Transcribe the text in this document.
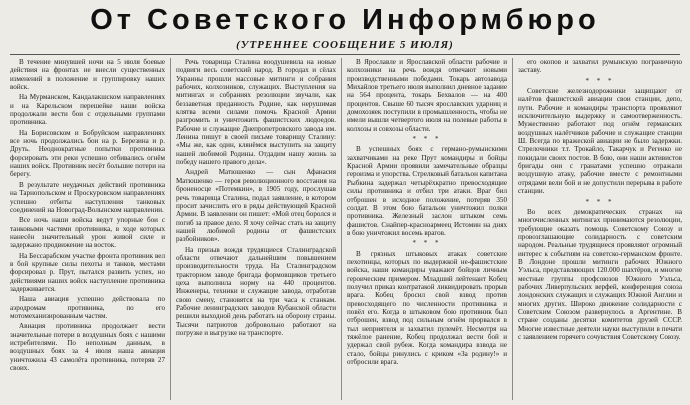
От Советского Информбюро
(УТРЕННЕЕ СООБЩЕНИЕ 5 ИЮЛЯ)

В течение минувшей ночи на 5 июля боевые действия на фронтах не внесли существенных изменений в положение и группировку наших войск.

На Мурманском, Кандалакшском направлениях и на Карельском перешейке наши войска продолжали вести бои с отдельными группами противника.

На Борисовском и Бобруйском направлениях все ночь продолжались бои на р. Березина и р. Друть. Неоднократные попытки противника форсировать эти реки успешно отбивались огнём наших войск. Противник несёт большие потери на берегу.

В результате неудачных действий противника на Тарнопольском и Проскуровском направлениях успешно отбиты наступления танковых соединений на Новоград-Волынском направлении.

Все ночь наши войска ведут упорные бои с танковыми частями противника, в ходе которых нанесён значительный урон живой силе и задержано продвижение на восток.

На Бессарабском участке фронта противник вел в бой крупные силы пехоты и танков, местами форсировал р. Прут, пытался развить успех, но действиями наших войск наступление противника задерживается.

Наша авиация успешно действовала по аэродромам противника, по его мотомеханизированным частям.

Авиация противника продолжает вести значительные потери в воздушных боях с нашими истребителями. По неполным данным, в воздушных боях за 4 июля наша авиация уничтожила 43 самолёта противника, потеряв 27 своих.

Речь товарища Сталина воодушевила на новые подвиги весь советский народ. В городах и сёлах Украины прошли массовые митинги и собрания рабочих, колхозников, служащих. Выступления на митингах и собраниях резолюции звучали, как беззаветная преданность Родине, как нерушимая клятва всеми силами помочь Красной Армии разгромить и уничтожить фашистских людоедов. Рабочие и служащие Днепропетровского завода им. Ленина пишут в своей письме товарищу Сталину: «Мы же, как один, клянёмся выступить на защиту нашей любимой Родины. Отдадим нашу жизнь за победу нашего правого дела».

Андрей Матюшенко — сын Афанасия Матюшенко — героя революционного восстания на броненосце «Потемкин», в 1905 году, прослушав речь товарища Сталина, подал заявление, в котором просит зачислить его в ряды действующей Красной Армии. В заявлении он пишет: «Мой отец боролся и погиб за правое дело. Я хочу сейчас стать на защиту нашей любимой родины от фашистских разбойников».

На призыв вождя трудящиеся Сталинградской области отвечают дальнейшим повышением производительности труда. На Сталинградском тракторном заводе бригада формовщиков третьего цеха выполнила норму на 440 процентов. Инженеры, техники и служащие завода, отработав свою смену, становятся на три часа к станкам. Рабочие ленинградских заводов Кубанской области решили выходной день работать на оборону страны. Тысячи патриотов добровольно работают на погрузке и выгрузке на транспорте.

В Ярославле и Ярославской области рабочие и колхозники на речь вождя отвечают новыми производственными победами. Токарь автозавода Михайлов третьего июля выполнил дневное задание на 564 процента, токарь Бехвалов — на 400 процентов. Свыше 60 тысяч ярославских ударниц и домохозяек поступили в промышленность, чтобы не имели вышли четвертого июля на полевые работы в колхозы и совхозы области.

* * *

В успешных боях с германо-румынскими захватчиками на реке Прут командиры и бойцы Красной Армии проявили замечательные образцы героизма и упорства. Стрелковый батальон капитана Рыбкина задержал четырёхкратно превосходящие силы противника и отбил три атаки. Враг бил отброшен в исходное положение, потеряв 350 солдат. В этом бою батальон уничтожил полки противника. Железный заслон штыком семь фашистов. Снайпер-красноармеец Истомин на днях в бою уничтожил восемь врагов.

* * *

В грязных штыковых атаках советские пехотинцы, которых по выдержкой не-фашистские войска, наши командиры уважают бойцов личным героическим примером. Младший лейтенант Кобец получил приказ контратакой ликвидировать прорыв врага. Кобец бросил свой взвод против превосходящего по численности противника и повёл его. Когда в штыковом бою противник был отброшен, взвод под сильным огнём прорвался в тыл неприятеля и захватил пулемёт. Несмотря на тяжёлое ранение, Кобец продолжал вести бой и удержал свой рубеж. Когда командира взвода не стало, бойцы ринулись с криком «За родину!» и отбросили врага.

его окопов и захватил румынскую пограничную заставу.

* * *

Советские железнодорожники защищают от налётов фашистской авиации свои станции, депо, пути. Рабочие и командиры транспорта проявляют исключительную выдержку и самоотверженность. Мужественно работают под огнём германских воздушных налётчиков рабочие и служащие станции Ш. Всегда по вражеской авиации не было задержки. Стрелочники т.т. Трокайло, Такарчук и Регенко не покидали своих постов. В бою, они наши активистов бригады они с гранатами успешно отражали воздушную атаку, рабочие вместе с ремонтными отрядами вели бой и не допустили перерыва в работе станции.

* * *

Во всех демократических странах на многочисленных митингах принимаются резолюции, требующие оказать помощь Советскому Союзу и провозглашающие солидарность с советским народом. Реальные трудящиеся проявляют огромный интерес к событиям на советско-германском фронте. В Лондоне прошли митинги рабочих Южного Уэльса, представляющих 120.000 шахтёров, и многие местные группы профсоюзов Южного Уэльса, рабочих Ливерпульских верфей, конференция союза лондонских служащих и служащих Южной Англии и многих других. Широко движение солидарности с Советским Союзом развернулось в Аргентине. В стране созданы десятки комитетов друзей СССР. Многие известные деятели науки выступили в печати с заявлением горячего сочувствия Советскому Союзу.
